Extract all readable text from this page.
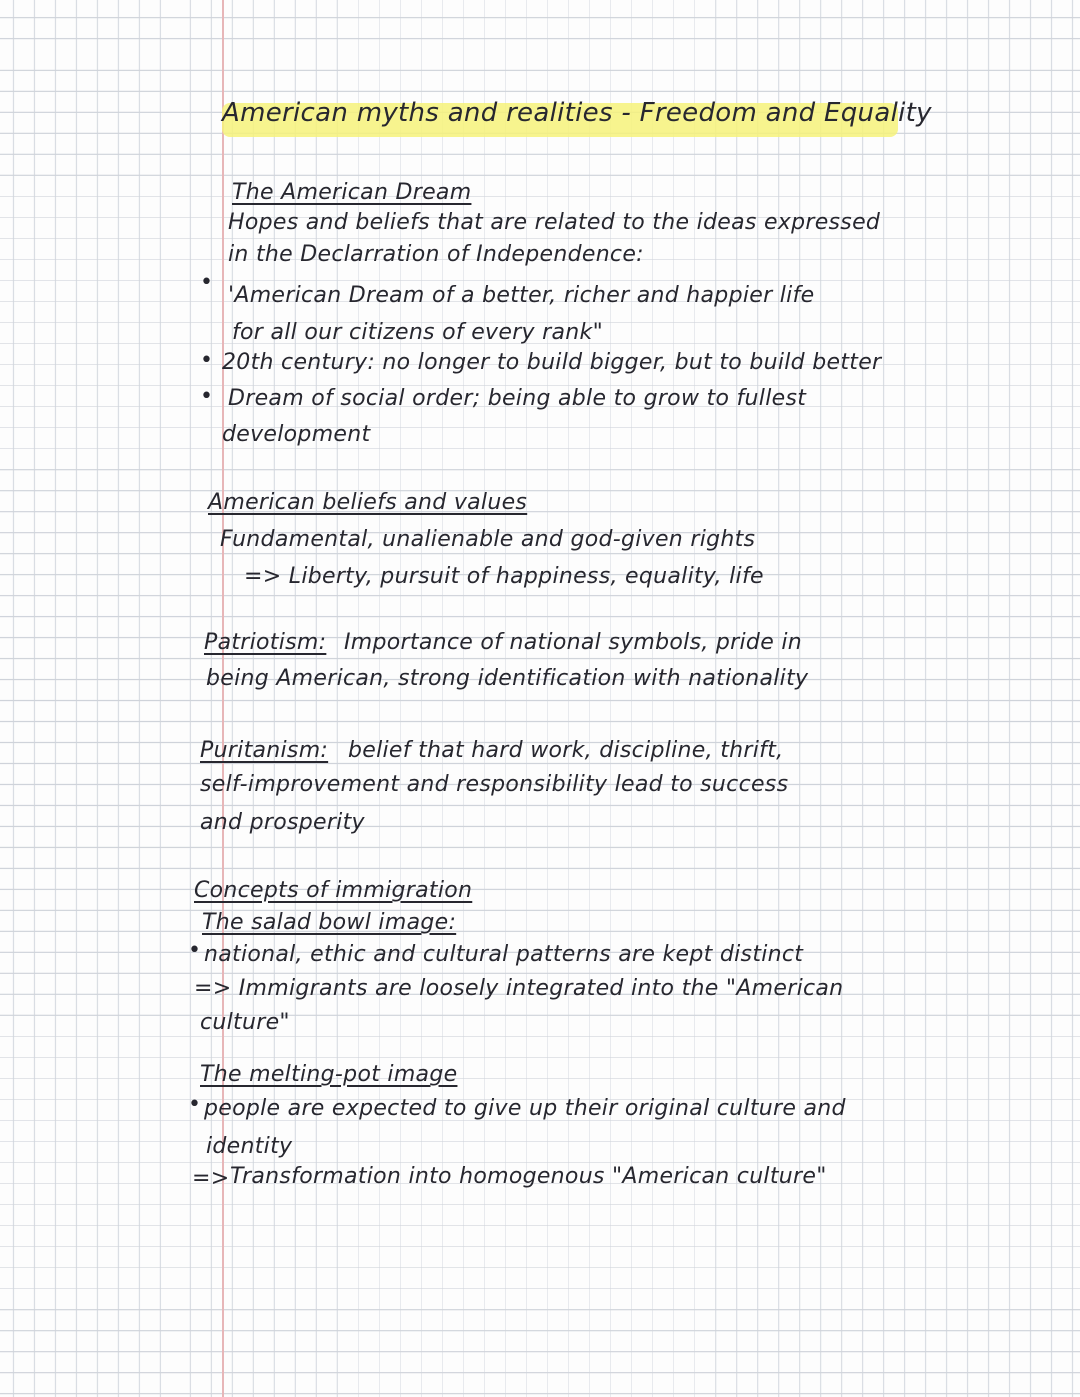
American myths and realities - Freedom and Equality
The American Dream
Hopes and beliefs that are related to the ideas expressed
in the Declarration of Independence:
•
'American Dream of a better, richer and happier life
for all our citizens of every rank"
• 20th century: no longer to build bigger, but to build better
• Dream of social order; being able to grow to fullest
development
American beliefs and values
Fundamental, unalienable and god-given rights
=> Liberty, pursuit of happiness, equality, life
Patriotism: Importance of national symbols, pride in
being American, strong identification with nationality
Puritanism: belief that hard work, discipline, thrift,
self-improvement and responsibility lead to success
and prosperity
Concepts of immigration
The salad bowl image:
• national, ethic and cultural patterns are kept distinct
=> Immigrants are loosely integrated into the "American
culture"
The melting-pot image
• people are expected to give up their original culture and
identity
=> Transformation into homogenous "American culture"
